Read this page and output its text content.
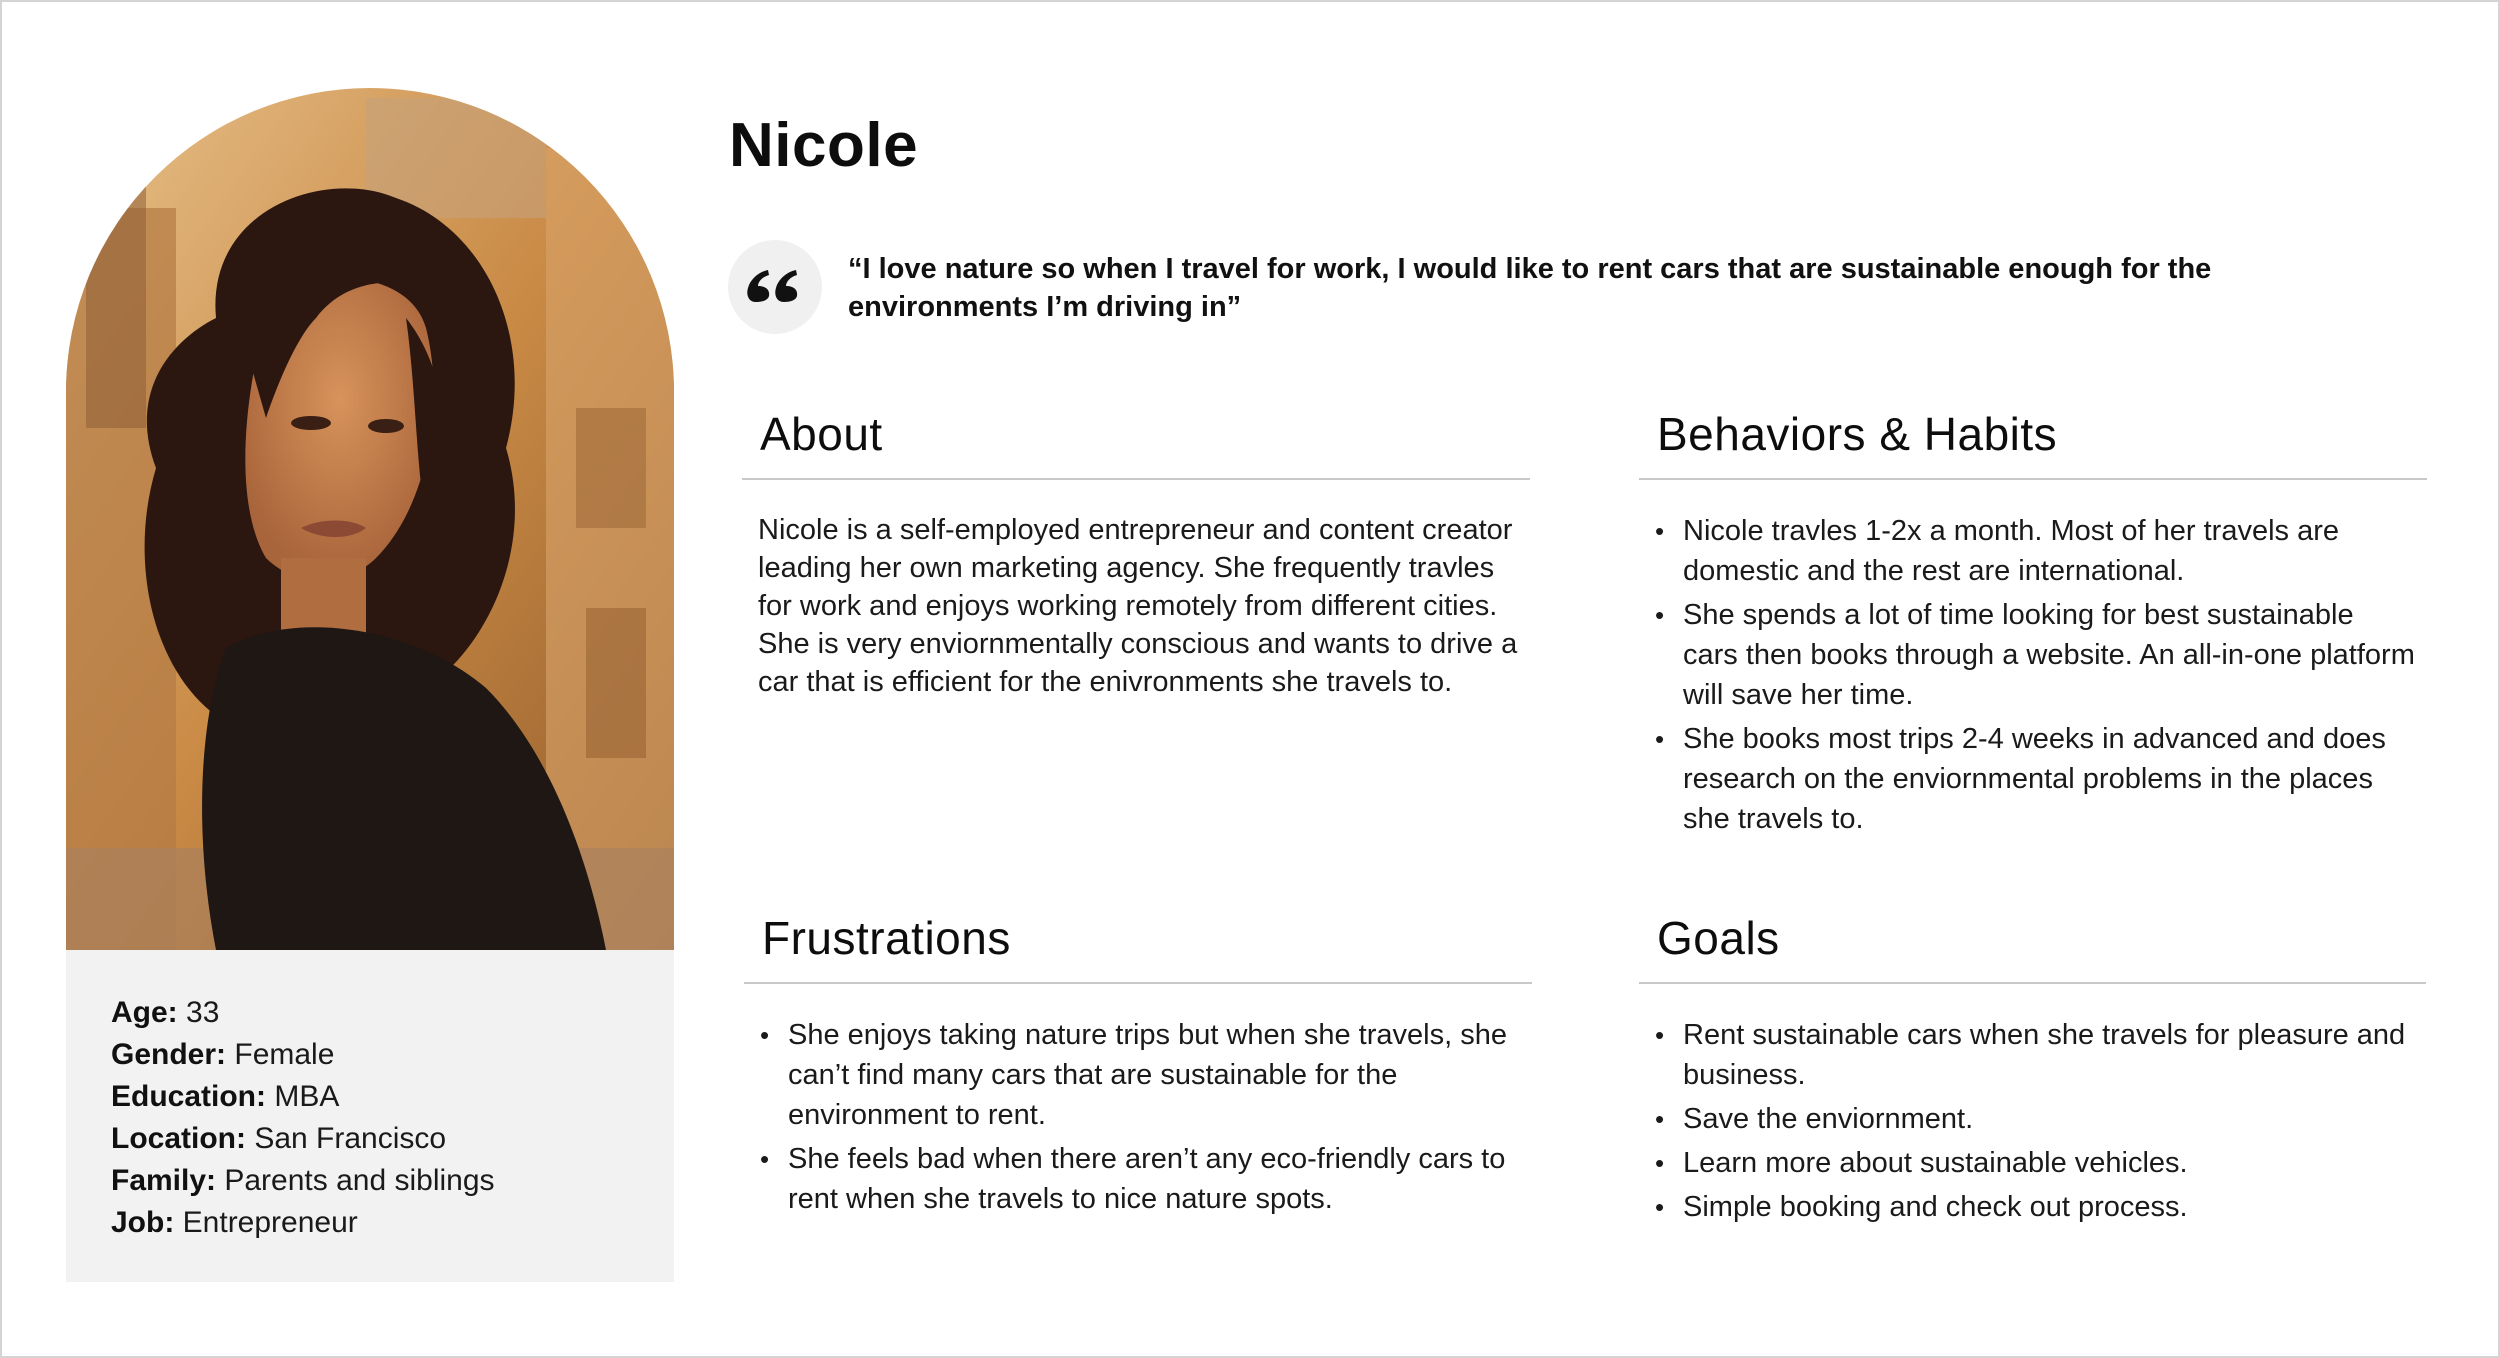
Age: 33
Gender: Female
Education: MBA
Location: San Francisco
Family: Parents and siblings
Job: Entrepreneur
Nicole
“I love nature so when I travel for work, I would like to rent cars that are sustainable enough for the environments I’m driving in”
About
Nicole is a self-employed entrepreneur and content creator leading her own marketing agency. She frequently travles for work and enjoys working remotely from different cities. She is very enviornmentally conscious and wants to drive a car that is efficient for the enivronments she travels to.
Behaviors & Habits
• Nicole travles 1-2x a month. Most of her travels are domestic and the rest are international.
• She spends a lot of time looking for best sustainable cars then books through a website. An all-in-one platform will save her time.
• She books most trips 2-4 weeks in advanced and does research on the enviornmental problems in the places she travels to.
Frustrations
• She enjoys taking nature trips but when she travels, she can’t find many cars that are sustainable for the environment to rent.
• She feels bad when there aren’t any eco-friendly cars to rent when she travels to nice nature spots.
Goals
• Rent sustainable cars when she travels for pleasure and business.
• Save the enviornment.
• Learn more about sustainable vehicles.
• Simple booking and check out process.
